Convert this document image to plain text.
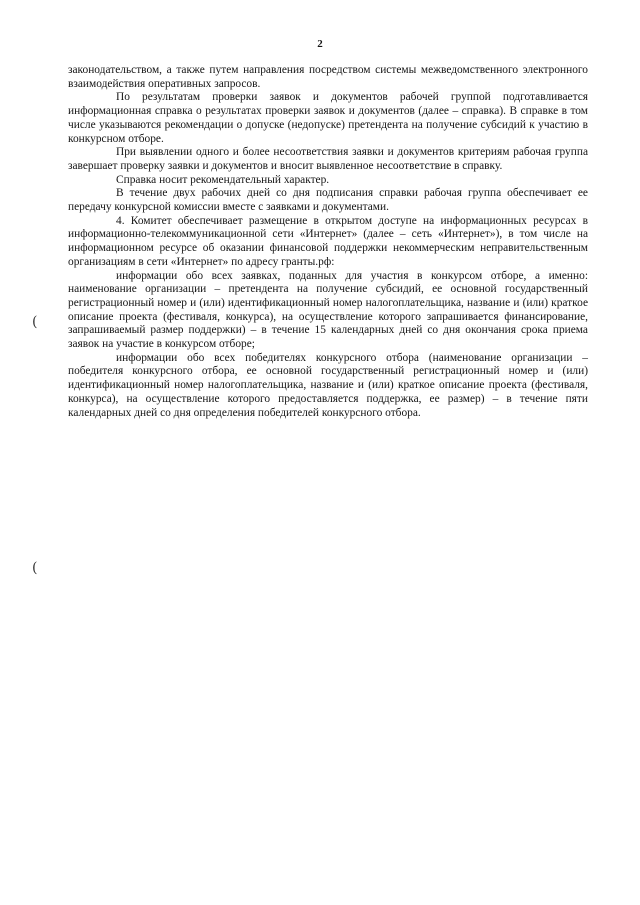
2

законодательством, а также путем направления посредством системы межведомственного электронного взаимодействия оперативных запросов.

По результатам проверки заявок и документов рабочей группой подготавливается информационная справка о результатах проверки заявок и документов (далее – справка). В справке в том числе указываются рекомендации о допуске (недопуске) претендента на получение субсидий к участию в конкурсном отборе.

При выявлении одного и более несоответствия заявки и документов критериям рабочая группа завершает проверку заявки и документов и вносит выявленное несоответствие в справку.

Справка носит рекомендательный характер.

В течение двух рабочих дней со дня подписания справки рабочая группа обеспечивает ее передачу конкурсной комиссии вместе с заявками и документами.

4. Комитет обеспечивает размещение в открытом доступе на информационных ресурсах в информационно-телекоммуникационной сети «Интернет» (далее – сеть «Интернет»), в том числе на информационном ресурсе об оказании финансовой поддержки некоммерческим неправительственным организациям в сети «Интернет» по адресу гранты.рф:

информации обо всех заявках, поданных для участия в конкурсом отборе, а именно: наименование организации – претендента на получение субсидий, ее основной государственный регистрационный номер и (или) идентификационный номер налогоплательщика, название и (или) краткое описание проекта (фестиваля, конкурса), на осуществление которого запрашивается финансирование, запрашиваемый размер поддержки) – в течение 15 календарных дней со дня окончания срока приема заявок на участие в конкурсом отборе;

информации обо всех победителях конкурсного отбора (наименование организации – победителя конкурсного отбора, ее основной государственный регистрационный номер и (или) идентификационный номер налогоплательщика, название и (или) краткое описание проекта (фестиваля, конкурса), на осуществление которого предоставляется поддержка, ее размер) – в течение пяти календарных дней со дня определения победителей конкурсного отбора.

(
(
